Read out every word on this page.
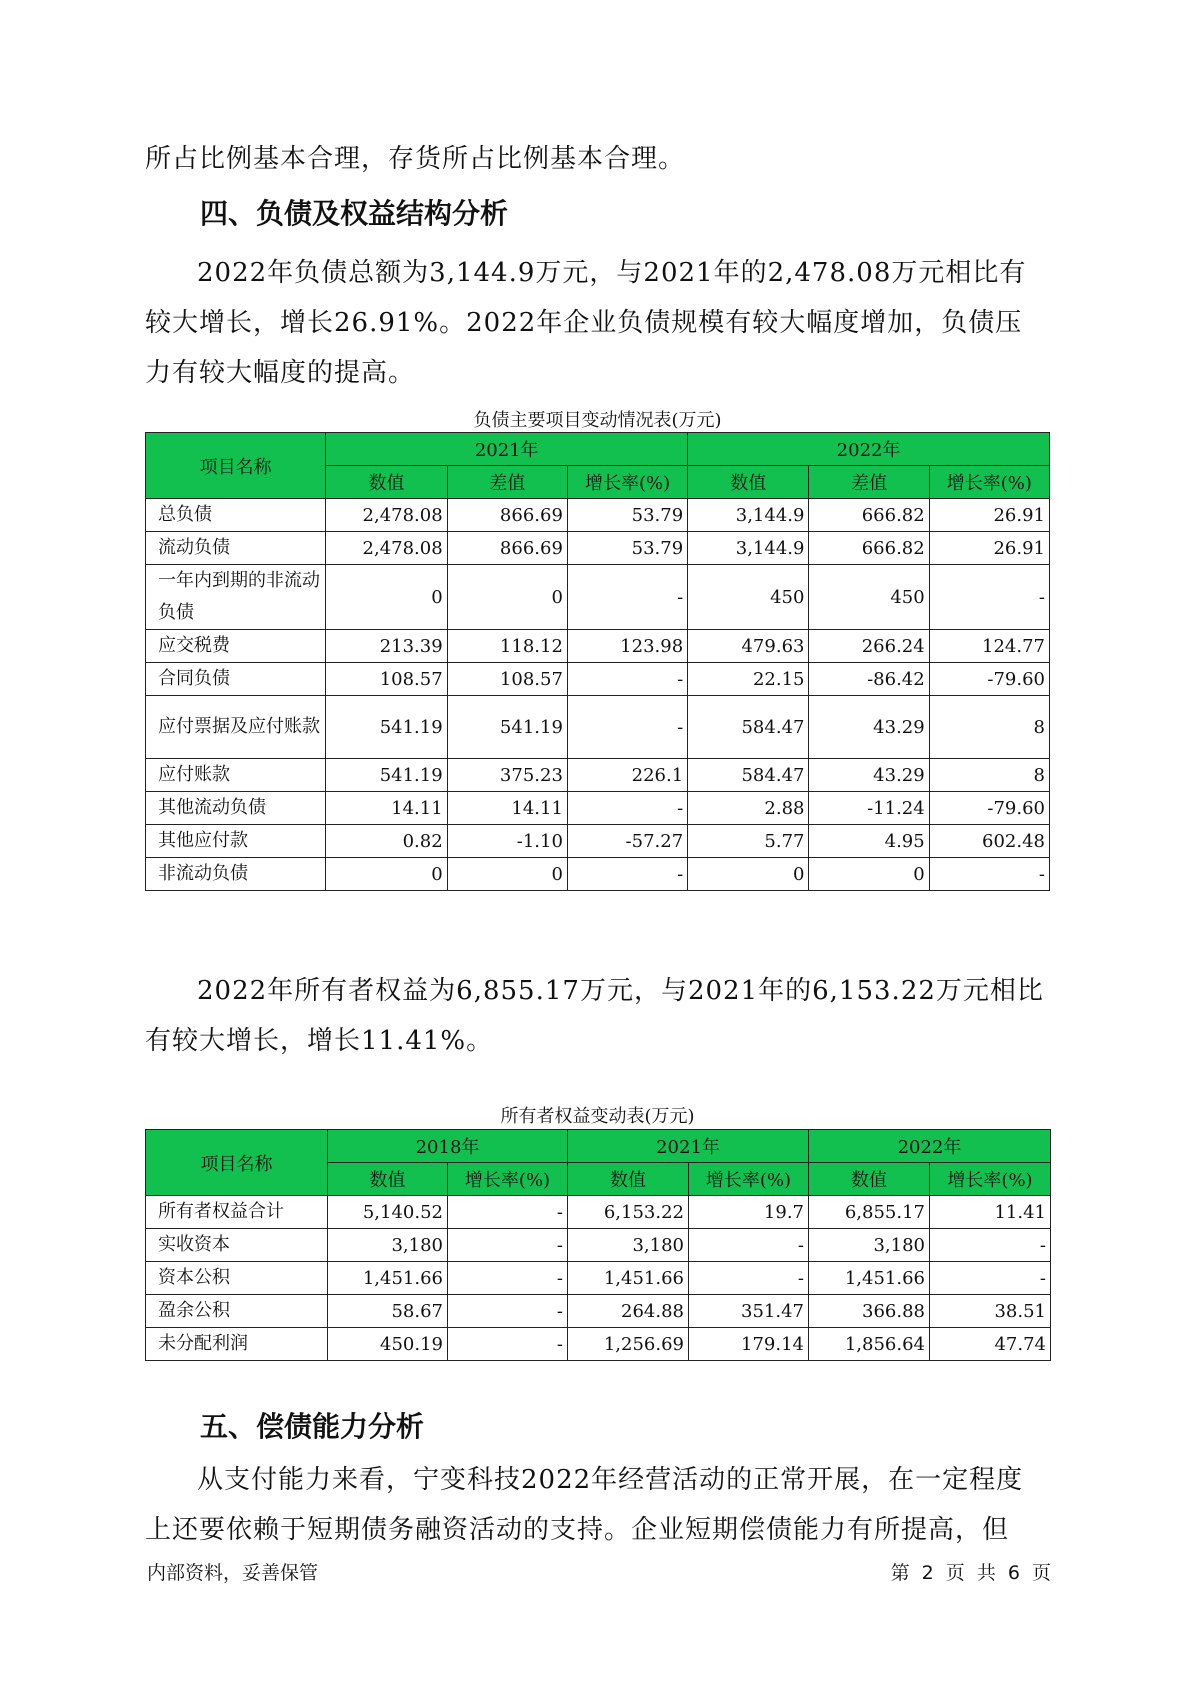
所占比例基本合理，存货所占比例基本合理。

四、负债及权益结构分析

2022年负债总额为3,144.9万元，与2021年的2,478.08万元相比有较大增长，增长26.91%。2022年企业负债规模有较大幅度增加，负债压力有较大幅度的提高。

负债主要项目变动情况表(万元)

项目名称	2021年			2022年		
	数值	差值	增长率(%)	数值	差值	增长率(%)
总负债	2,478.08	866.69	53.79	3,144.9	666.82	26.91
流动负债	2,478.08	866.69	53.79	3,144.9	666.82	26.91
一年内到期的非流动负债	0	0	-	450	450	-
应交税费	213.39	118.12	123.98	479.63	266.24	124.77
合同负债	108.57	108.57	-	22.15	-86.42	-79.60
应付票据及应付账款	541.19	541.19	-	584.47	43.29	8
应付账款	541.19	375.23	226.1	584.47	43.29	8
其他流动负债	14.11	14.11	-	2.88	-11.24	-79.60
其他应付款	0.82	-1.10	-57.27	5.77	4.95	602.48
非流动负债	0	0	-	0	0	-

2022年所有者权益为6,855.17万元，与2021年的6,153.22万元相比有较大增长，增长11.41%。

所有者权益变动表(万元)

项目名称	2018年		2021年		2022年	
	数值	增长率(%)	数值	增长率(%)	数值	增长率(%)
所有者权益合计	5,140.52	-	6,153.22	19.7	6,855.17	11.41
实收资本	3,180	-	3,180	-	3,180	-
资本公积	1,451.66	-	1,451.66	-	1,451.66	-
盈余公积	58.67	-	264.88	351.47	366.88	38.51
未分配利润	450.19	-	1,256.69	179.14	1,856.64	47.74
五、偿债能力分析

从支付能力来看，宁变科技2022年经营活动的正常开展，在一定程度上还要依赖于短期债务融资活动的支持。企业短期偿债能力有所提高，但

内部资料，妥善保管	第 2 页 共 6 页
